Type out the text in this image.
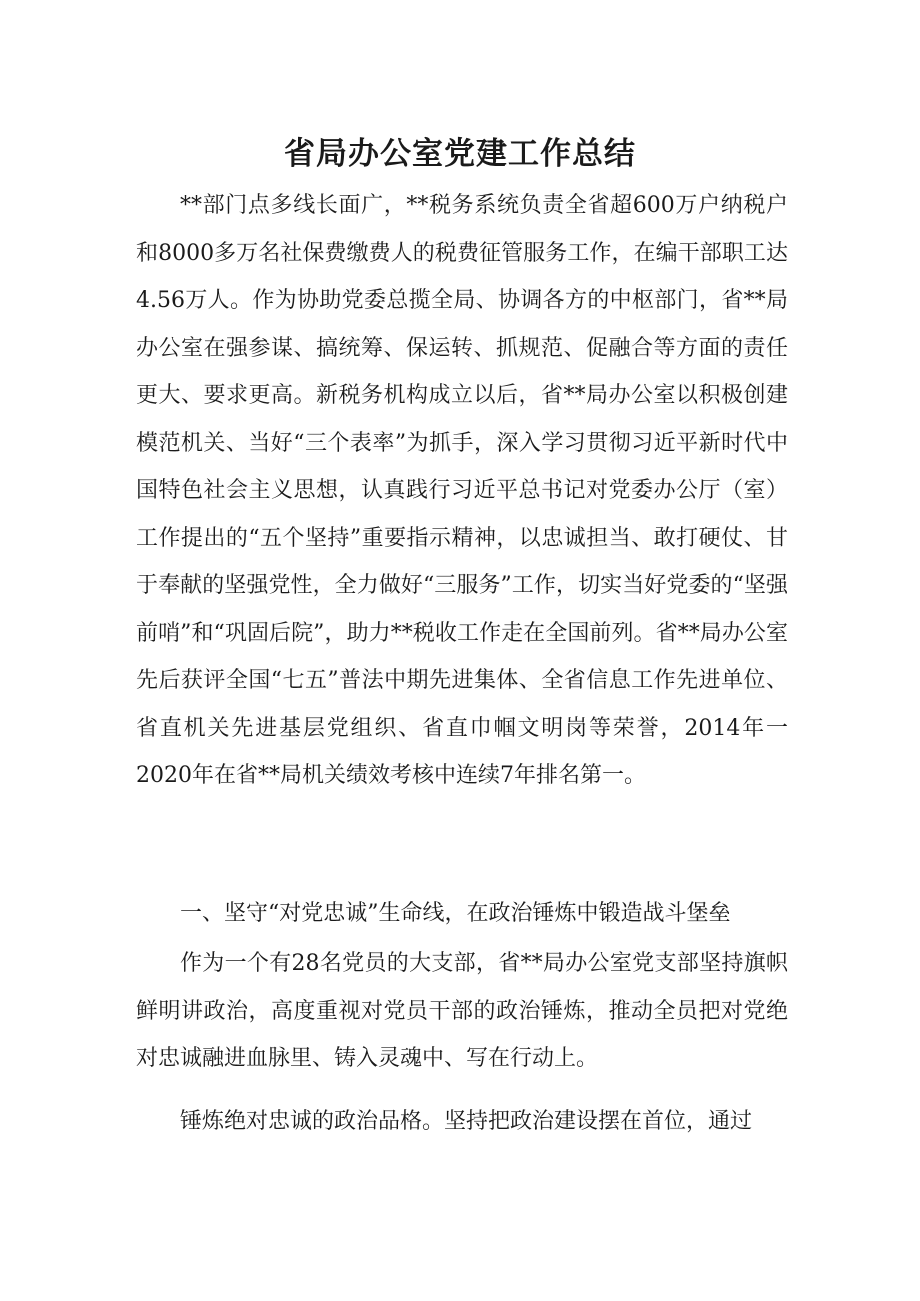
省局办公室党建工作总结

**部门点多线长面广，**税务系统负责全省超600万户纳税户和8000多万名社保费缴费人的税费征管服务工作，在编干部职工达4.56万人。作为协助党委总揽全局、协调各方的中枢部门，省**局办公室在强参谋、搞统筹、保运转、抓规范、促融合等方面的责任更大、要求更高。新税务机构成立以后，省**局办公室以积极创建模范机关、当好“三个表率”为抓手，深入学习贯彻习近平新时代中国特色社会主义思想，认真践行习近平总书记对党委办公厅（室）工作提出的“五个坚持”重要指示精神，以忠诚担当、敢打硬仗、甘于奉献的坚强党性，全力做好“三服务”工作，切实当好党委的“坚强前哨”和“巩固后院”，助力**税收工作走在全国前列。省**局办公室先后获评全国“七五”普法中期先进集体、全省信息工作先进单位、省直机关先进基层党组织、省直巾帼文明岗等荣誉，2014年一2020年在省**局机关绩效考核中连续7年排名第一。

一、坚守“对党忠诚”生命线，在政治锤炼中锻造战斗堡垒

作为一个有28名党员的大支部，省**局办公室党支部坚持旗帜鲜明讲政治，高度重视对党员干部的政治锤炼，推动全员把对党绝对忠诚融进血脉里、铸入灵魂中、写在行动上。

锤炼绝对忠诚的政治品格。坚持把政治建设摆在首位，通过
